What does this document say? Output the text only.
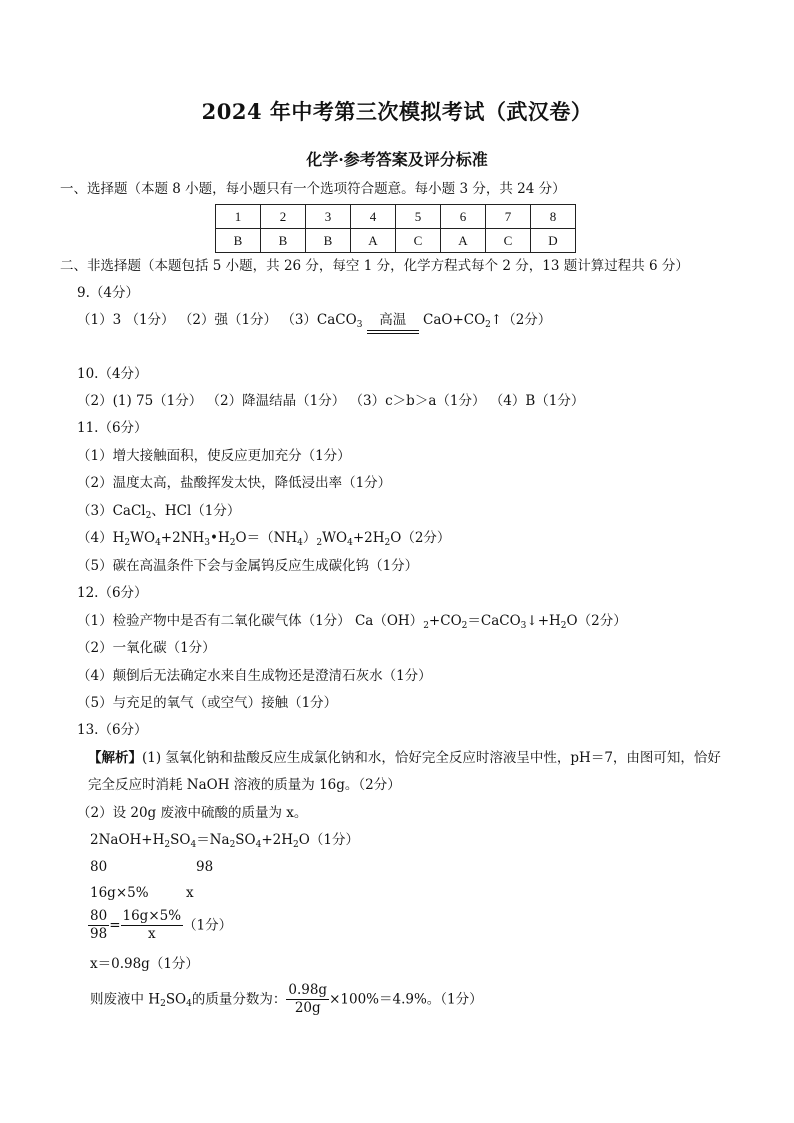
2024 年中考第三次模拟考试（武汉卷）
化学·参考答案及评分标准
一、选择题（本题 8 小题，每小题只有一个选项符合题意。每小题 3 分，共 24 分）
1	2	3	4	5	6	7	8
B	B	B	A	C	A	C	D
二、非选择题（本题包括 5 小题，共 26 分，每空 1 分，化学方程式每个 2 分，13 题计算过程共 6 分）
9.（4分）
（1）3 （1分） （2）强（1分） （3）CaCO$_3$ 高温 $CaO+CO_2↑(2$分）
10.（4分）
（2）(1) 75（1分） （2）降温结晶（1分） （3）c＞b＞a（1分） （4）B（1分）
11.（6分）
（1）增大接触面积，使反应更加充分（1分）
（2）温度太高，盐酸挥发太快，降低浸出率（1分）
（3）CaCl$_2$、HCl（1分）
$(4)H_2WO_4+2NH_3•H_2O=(NH_4)_2WO_4+2H_2O(2$分）
（5）碳在高温条件下会与金属钨反应生成碳化钨（1分）
12.（6分）
（1）检验产物中是否有二氧化碳气体（1分） $Ca(OH)_2+CO_2=CaCO_3↓+H_2O(2$分）
（2）一氧化碳（1分）
（4）颠倒后无法确定水来自生成物还是澄清石灰水（1分）
（5）与充足的氧气（或空气）接触（1分）
13.（6分）
【解析】(1) 氢氧化钠和盐酸反应生成氯化钠和水，恰好完全反应时溶液呈中性，pH＝7，由图可知，恰好
完全反应时消耗 NaOH 溶液的质量为 16g。（2分）
（2）设 20g 废液中硫酸的质量为 x。
$2NaOH+H_2SO_4=Na_2SO_4+2H_2O(1$分）
80	98
16g×5%	x
$\frac{80}{98} = \frac{16g\times 5\%}{x} (1$分）
x＝0.98g（1分）
则废液中 $H_2SO_4$的质量分数为： $\frac{0.98g}{20g} \times 100\%=4.9\%$。（1分）
